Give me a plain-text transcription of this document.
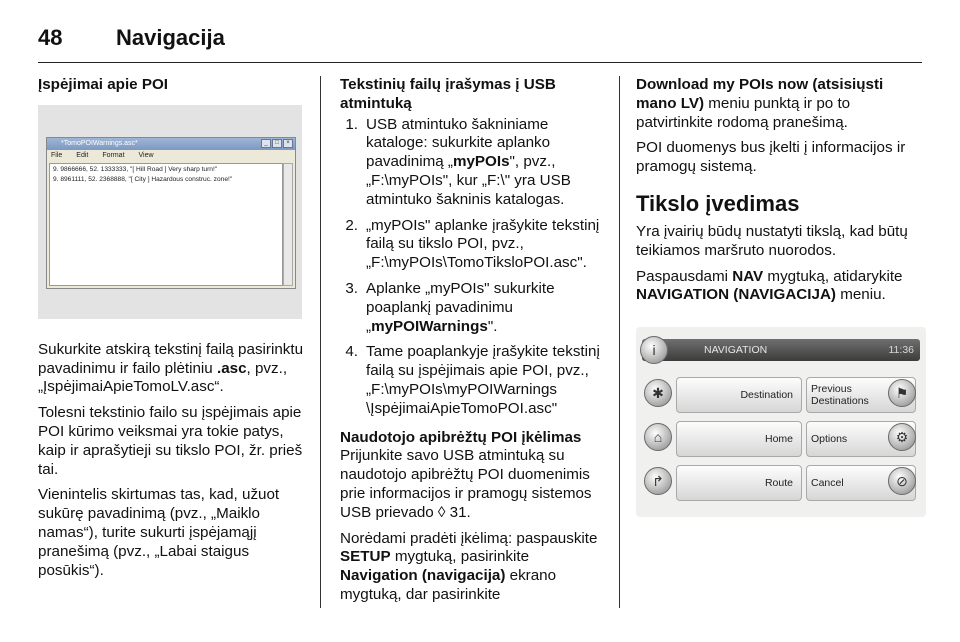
48	Navigacija

Įspėjimai apie POI

*TomoPOIWarnings.asc*	_	□	×
File Edit Format View
9. 9866666, 52. 1333333, "[ Hill Road ] Very sharp turn!"
9. 8961111, 52. 2368888, "[ City ] Hazardous construc. zone!"

Sukurkite atskirą tekstinį failą pasirinktu pavadinimu ir failo plėtiniu .asc, pvz., „ĮspėjimaiApieTomoLV.asc“.

Tolesni tekstinio failo su įspėjimais apie POI kūrimo veiksmai yra tokie patys, kaip ir aprašytieji su tikslo POI, žr. prieš tai.

Vienintelis skirtumas tas, kad, užuot sukūrę pavadinimą (pvz., „Maiklo namas“), turite sukurti įspėjamąjį pranešimą (pvz., „Labai staigus posūkis“).

Tekstinių failų įrašymas į USB atmintuką

1. USB atmintuko šakniniame kataloge: sukurkite aplanko pavadinimą „myPOIs", pvz., „F:\myPOIs", kur „F:\" yra USB atmintuko šakninis katalogas.
2. „myPOIs" aplanke įrašykite tekstinį failą su tikslo POI, pvz., „F:\myPOIs\TomoTiksloPOI.asc".
3. Aplanke „myPOIs" sukurkite poaplankį pavadinimu „myPOIWarnings".
4. Tame poaplankyje įrašykite tekstinį failą su įspėjimais apie POI, pvz., „F:\myPOIs\myPOIWarnings \ĮspėjimaiApieTomoPOI.asc"

Naudotojo apibrėžtų POI įkėlimas

Prijunkite savo USB atmintuką su naudotojo apibrėžtų POI duomenimis prie informacijos ir pramogų sistemos USB prievado ◊ 31.

Norėdami pradėti įkėlimą: paspauskite SETUP mygtuką, pasirinkite Navigation (navigacija) ekrano mygtuką, dar pasirinkite

Download my POIs now (atsisiųsti mano LV) meniu punktą ir po to patvirtinkite rodomą pranešimą.

POI duomenys bus įkelti į informacijos ir pramogų sistemą.

Tikslo įvedimas

Yra įvairių būdų nustatyti tikslą, kad būtų teikiamos maršruto nuorodos.

Paspausdami NAV mygtuką, atidarykite NAVIGATION (NAVIGACIJA) meniu.

NAVIGATION	11:36
i
✱	Destination Previous
Destinations
⚑
⌂	Home Options	⚙
↱	Route Cancel	⊘
